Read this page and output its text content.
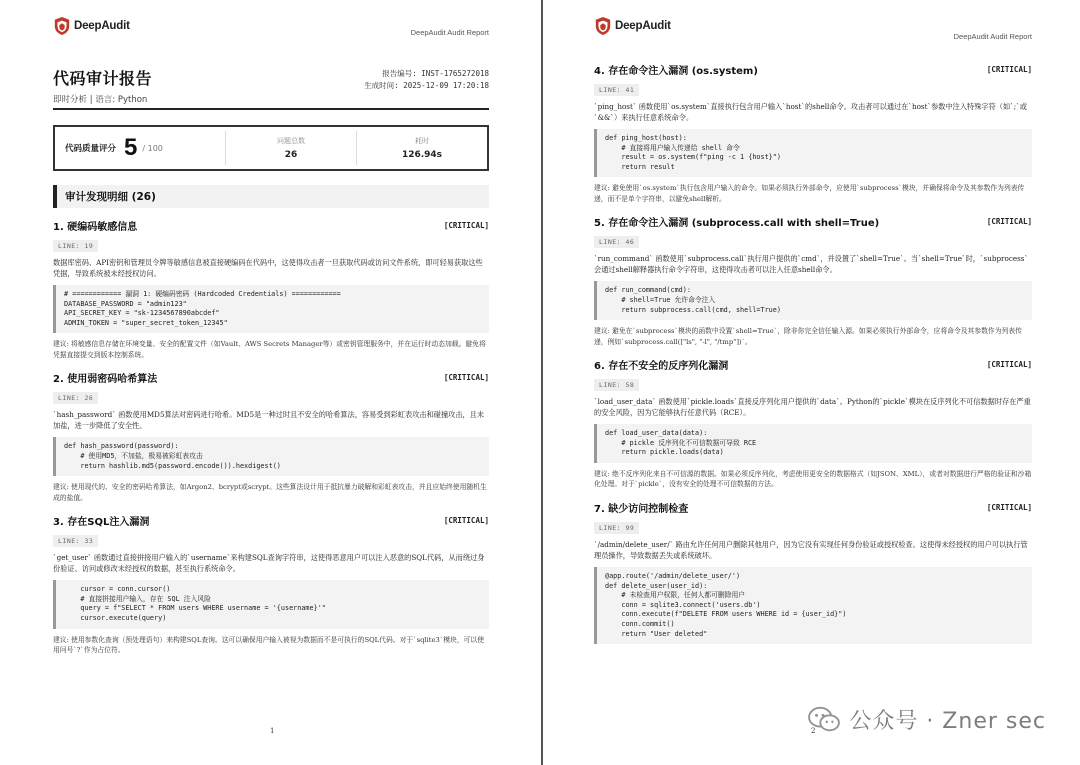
DeepAudit
DeepAudit Audit Report
代码审计报告
即时分析 | 语言: Python
报告编号: INST-1765272018
生成时间: 2025-12-09 17:20:18
代码质量评分 5 / 100
问题总数
26
耗时
126.94s
审计发现明细 (26)
1. 硬编码敏感信息	[CRITICAL]
LINE: 19
数据库密码、API密钥和管理员令牌等敏感信息被直接硬编码在代码中，这使得攻击者一旦获取代码或访问文件系统，即可轻易获取这些凭据，导致系统被未经授权访问。
# ============ 漏洞 1: 硬编码密码 (Hardcoded Credentials) ============
DATABASE_PASSWORD = "admin123"
API_SECRET_KEY = "sk-1234567890abcdef"
ADMIN_TOKEN = "super_secret_token_12345"
建议: 将敏感信息存储在环境变量、安全的配置文件（如Vault、AWS Secrets Manager等）或密钥管理服务中，并在运行时动态加载。避免将凭据直接提交到版本控制系统。
2. 使用弱密码哈希算法	[CRITICAL]
LINE: 26
`hash_password` 函数使用MD5算法对密码进行哈希。MD5是一种过时且不安全的哈希算法，容易受到彩虹表攻击和碰撞攻击，且未加盐，进一步降低了安全性。
def hash_password(password):
# 使用MD5，不加盐，极易被彩虹表攻击
return hashlib.md5(password.encode()).hexdigest()
建议: 使用现代的、安全的密码哈希算法，如Argon2、bcrypt或scrypt。这些算法设计用于抵抗暴力破解和彩虹表攻击，并且应始终使用随机生成的盐值。
3. 存在SQL注入漏洞	[CRITICAL]
LINE: 33
`get_user` 函数通过直接拼接用户输入的`username`来构建SQL查询字符串，这使得恶意用户可以注入恶意的SQL代码，从而绕过身份验证、访问或修改未经授权的数据，甚至执行系统命令。
cursor = conn.cursor()
# 直接拼接用户输入，存在 SQL 注入风险
query = f"SELECT * FROM users WHERE username = '{username}'"
cursor.execute(query)
建议: 使用参数化查询（预处理语句）来构建SQL查询。这可以确保用户输入被视为数据而不是可执行的SQL代码。对于`sqlite3`模块，可以使用问号`?`作为占位符。
1
DeepAudit
DeepAudit Audit Report
4. 存在命令注入漏洞 (os.system)	[CRITICAL]
LINE: 41
`ping_host` 函数使用`os.system`直接执行包含用户输入`host`的shell命令。攻击者可以通过在`host`参数中注入特殊字符（如`;`或`&&`）来执行任意系统命令。
def ping_host(host):
# 直接将用户输入传递给 shell 命令
result = os.system(f"ping -c 1 {host}")
return result
建议: 避免使用`os.system`执行包含用户输入的命令。如果必须执行外部命令，应使用`subprocess`模块，并确保将命令及其参数作为列表传递，而不是单个字符串，以避免shell解析。
5. 存在命令注入漏洞 (subprocess.call with shell=True)	[CRITICAL]
LINE: 46
`run_command` 函数使用`subprocess.call`执行用户提供的`cmd`，并设置了`shell=True`。当`shell=True`时，`subprocess`会通过shell解释器执行命令字符串，这使得攻击者可以注入任意shell命令。
def run_command(cmd):
# shell=True 允许命令注入
return subprocess.call(cmd, shell=True)
建议: 避免在`subprocess`模块的函数中设置`shell=True`，除非你完全信任输入源。如果必须执行外部命令，应将命令及其参数作为列表传递，例如`subprocess.call(["ls", "-l", "/tmp"])`。
6. 存在不安全的反序列化漏洞	[CRITICAL]
LINE: 58
`load_user_data` 函数使用`pickle.loads`直接反序列化用户提供的`data`。Python的`pickle`模块在反序列化不可信数据时存在严重的安全风险，因为它能够执行任意代码（RCE）。
def load_user_data(data):
# pickle 反序列化不可信数据可导致 RCE
return pickle.loads(data)
建议: 绝不反序列化来自不可信源的数据。如果必须反序列化，考虑使用更安全的数据格式（如JSON、XML），或者对数据进行严格的验证和沙箱化处理。对于`pickle`，没有安全的处理不可信数据的方法。
7. 缺少访问控制检查	[CRITICAL]
LINE: 99
`/admin/delete_user/` 路由允许任何用户删除其他用户，因为它没有实现任何身份验证或授权检查。这使得未经授权的用户可以执行管理员操作，导致数据丢失或系统破坏。
@app.route('/admin/delete_user/')
def delete_user(user_id):
# 未检查用户权限，任何人都可删除用户
conn = sqlite3.connect('users.db')
conn.execute(f"DELETE FROM users WHERE id = {user_id}")
conn.commit()
return "User deleted"
2 公众号 · Zner sec
